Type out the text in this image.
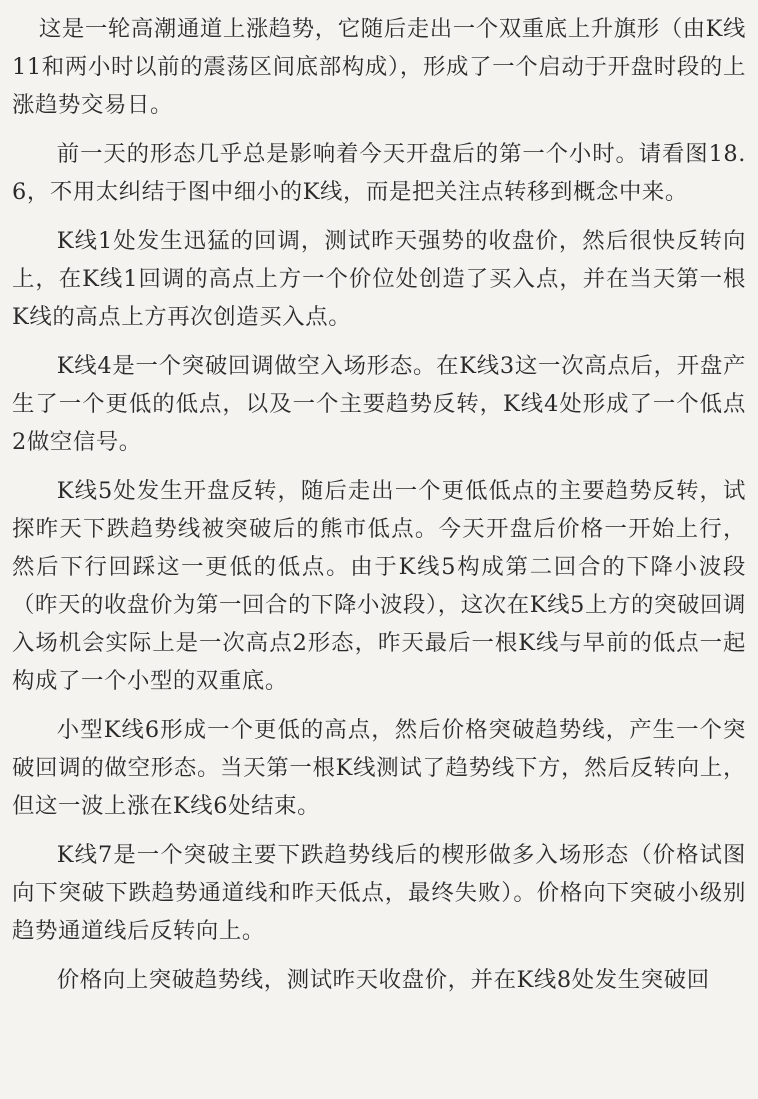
这是一轮高潮通道上涨趋势，它随后走出一个双重底上升旗形（由K线11和两小时以前的震荡区间底部构成），形成了一个启动于开盘时段的上涨趋势交易日。

前一天的形态几乎总是影响着今天开盘后的第一个小时。请看图18.6，不用太纠结于图中细小的K线，而是把关注点转移到概念中来。

K线1处发生迅猛的回调，测试昨天强势的收盘价，然后很快反转向上，在K线1回调的高点上方一个价位处创造了买入点，并在当天第一根K线的高点上方再次创造买入点。

K线4是一个突破回调做空入场形态。在K线3这一次高点后，开盘产生了一个更低的低点，以及一个主要趋势反转，K线4处形成了一个低点2做空信号。

K线5处发生开盘反转，随后走出一个更低低点的主要趋势反转，试探昨天下跌趋势线被突破后的熊市低点。今天开盘后价格一开始上行，然后下行回踩这一更低的低点。由于K线5构成第二回合的下降小波段（昨天的收盘价为第一回合的下降小波段），这次在K线5上方的突破回调入场机会实际上是一次高点2形态，昨天最后一根K线与早前的低点一起构成了一个小型的双重底。

小型K线6形成一个更低的高点，然后价格突破趋势线，产生一个突破回调的做空形态。当天第一根K线测试了趋势线下方，然后反转向上，但这一波上涨在K线6处结束。

K线7是一个突破主要下跌趋势线后的楔形做多入场形态（价格试图向下突破下跌趋势通道线和昨天低点，最终失败）。价格向下突破小级别趋势通道线后反转向上。

价格向上突破趋势线，测试昨天收盘价，并在K线8处发生突破回
